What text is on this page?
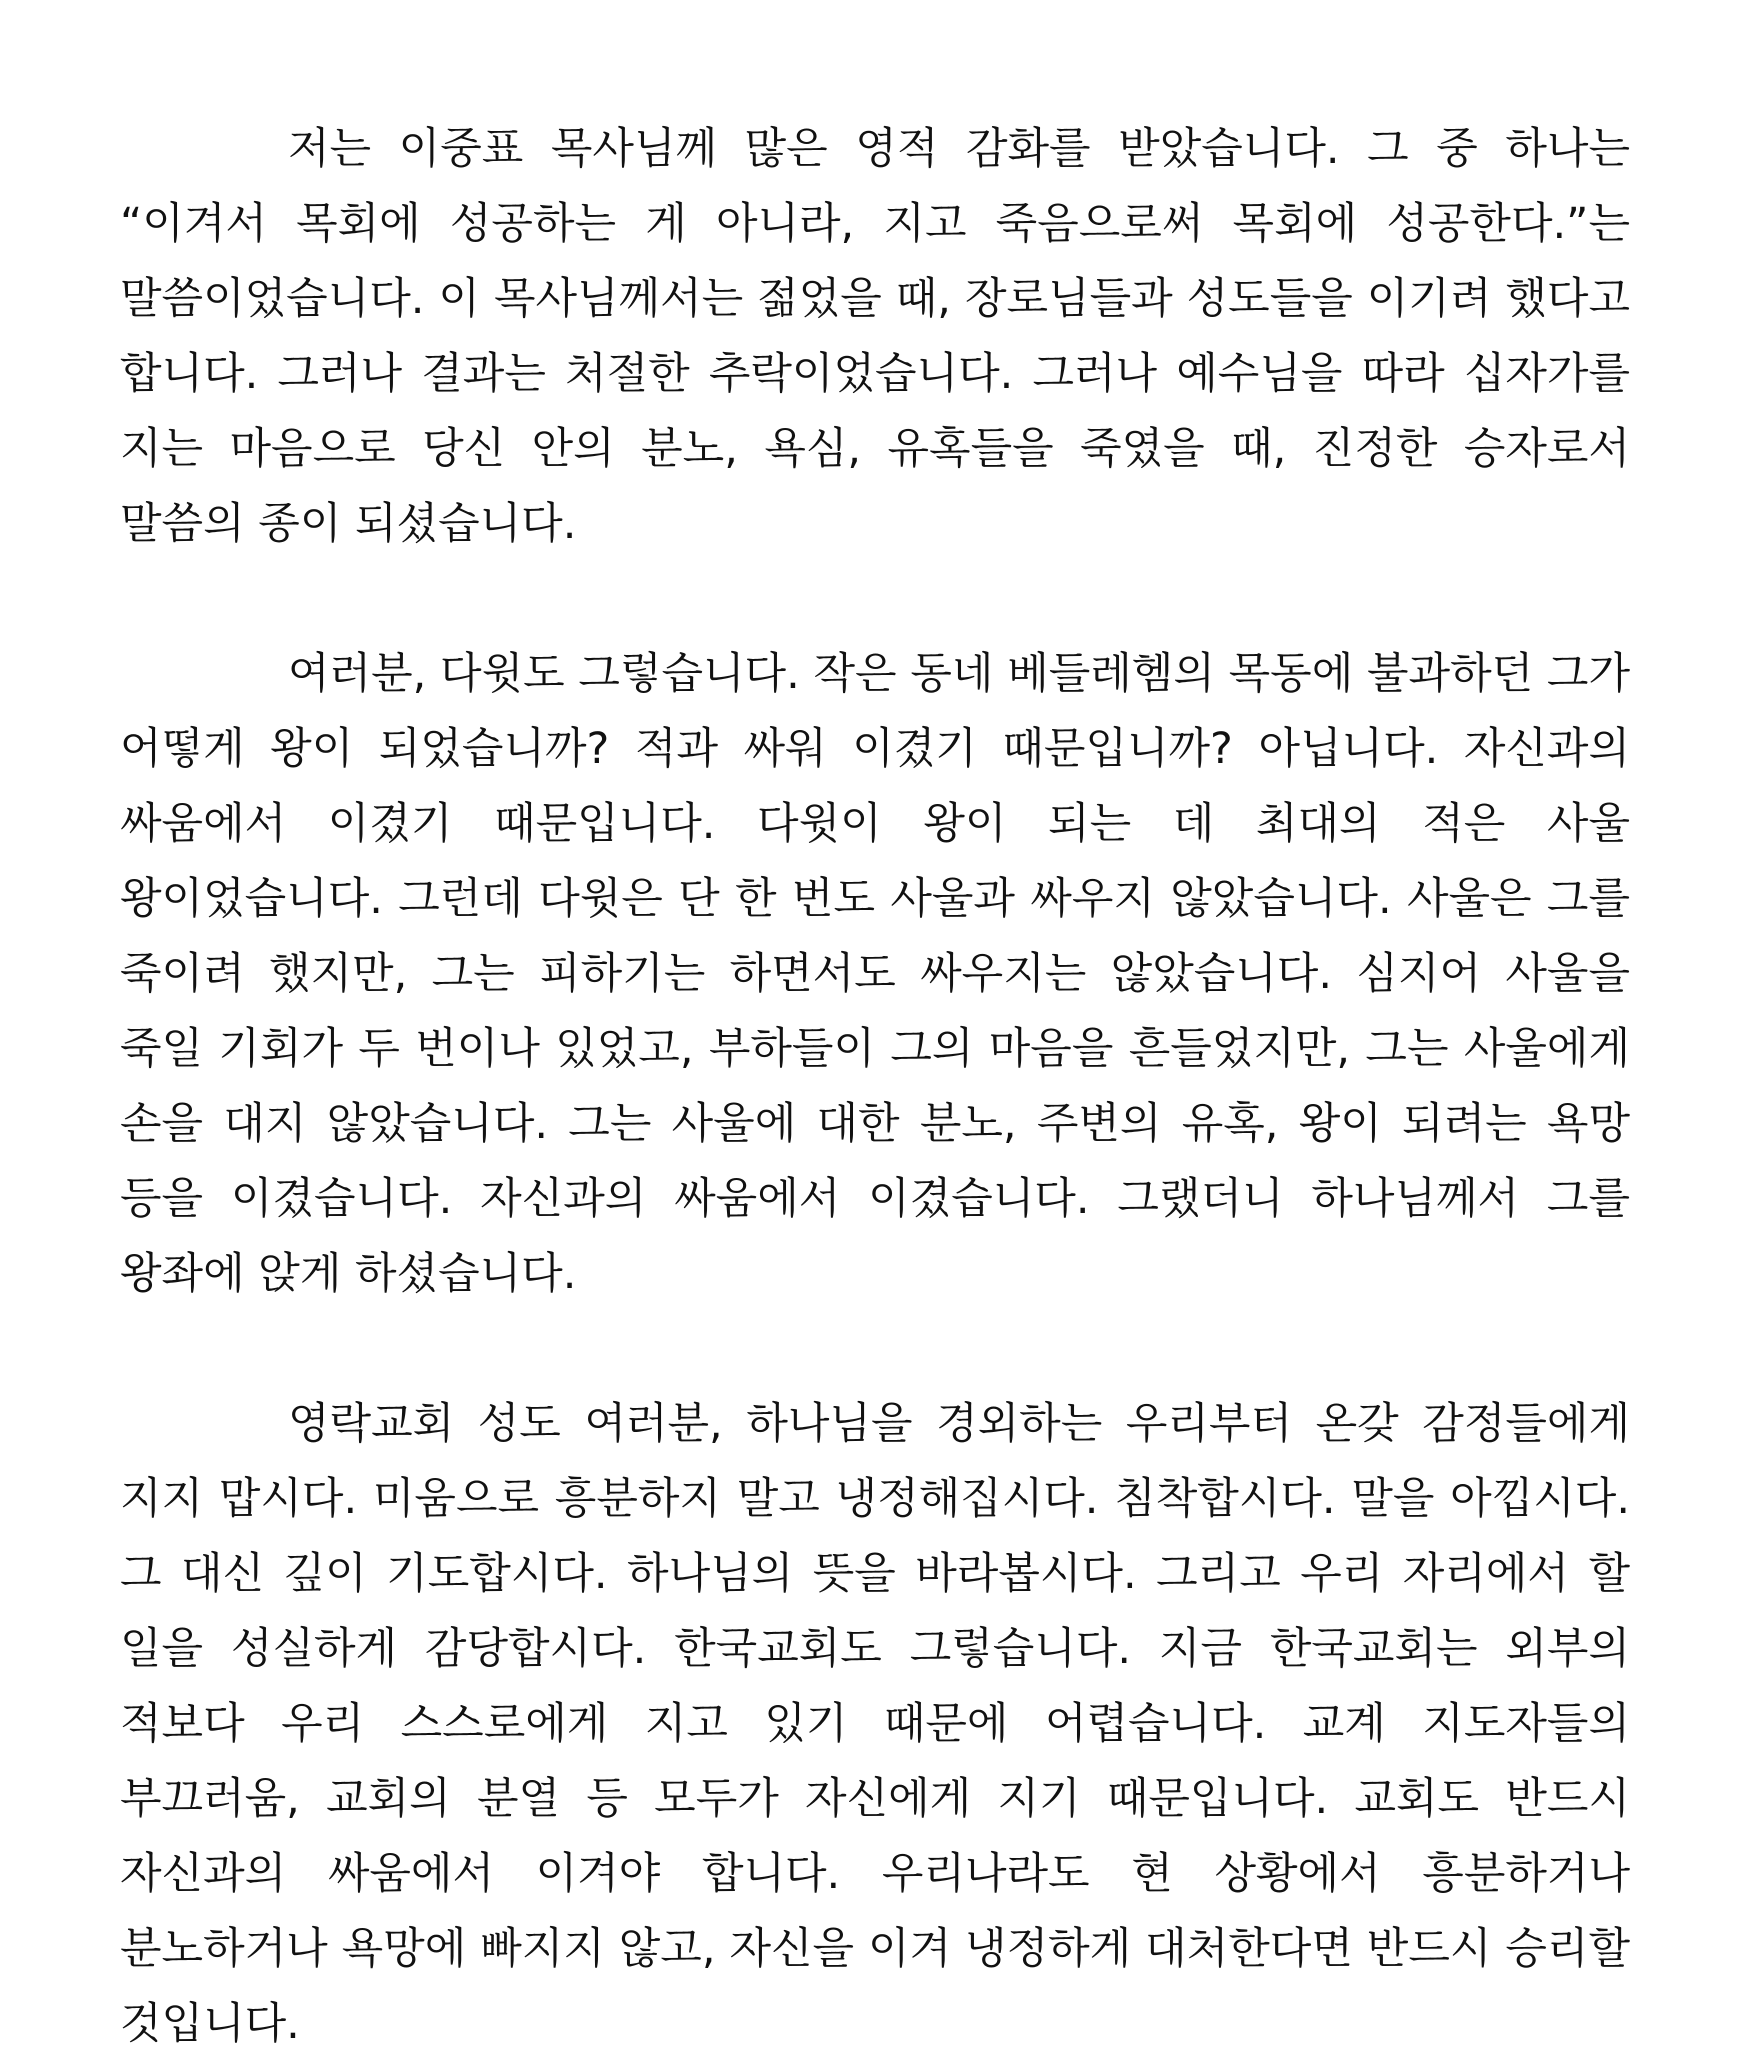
저는 이중표 목사님께 많은 영적 감화를 받았습니다. 그 중 하나는 “이겨서 목회에 성공하는 게 아니라, 지고 죽음으로써 목회에 성공한다.”는 말씀이었습니다. 이 목사님께서는 젊었을 때, 장로님들과 성도들을 이기려 했다고 합니다. 그러나 결과는 처절한 추락이었습니다. 그러나 예수님을 따라 십자가를 지는 마음으로 당신 안의 분노, 욕심, 유혹들을 죽였을 때, 진정한 승자로서 말씀의 종이 되셨습니다.

여러분, 다윗도 그렇습니다. 작은 동네 베들레헴의 목동에 불과하던 그가 어떻게 왕이 되었습니까? 적과 싸워 이겼기 때문입니까? 아닙니다. 자신과의 싸움에서 이겼기 때문입니다. 다윗이 왕이 되는 데 최대의 적은 사울 왕이었습니다. 그런데 다윗은 단 한 번도 사울과 싸우지 않았습니다. 사울은 그를 죽이려 했지만, 그는 피하기는 하면서도 싸우지는 않았습니다. 심지어 사울을 죽일 기회가 두 번이나 있었고, 부하들이 그의 마음을 흔들었지만, 그는 사울에게 손을 대지 않았습니다. 그는 사울에 대한 분노, 주변의 유혹, 왕이 되려는 욕망 등을 이겼습니다. 자신과의 싸움에서 이겼습니다. 그랬더니 하나님께서 그를 왕좌에 앉게 하셨습니다.

영락교회 성도 여러분, 하나님을 경외하는 우리부터 온갖 감정들에게 지지 맙시다. 미움으로 흥분하지 말고 냉정해집시다. 침착합시다. 말을 아낍시다. 그 대신 깊이 기도합시다. 하나님의 뜻을 바라봅시다. 그리고 우리 자리에서 할 일을 성실하게 감당합시다. 한국교회도 그렇습니다. 지금 한국교회는 외부의 적보다 우리 스스로에게 지고 있기 때문에 어렵습니다. 교계 지도자들의 부끄러움, 교회의 분열 등 모두가 자신에게 지기 때문입니다. 교회도 반드시 자신과의 싸움에서 이겨야 합니다. 우리나라도 현 상황에서 흥분하거나 분노하거나 욕망에 빠지지 않고, 자신을 이겨 냉정하게 대처한다면 반드시 승리할 것입니다.
